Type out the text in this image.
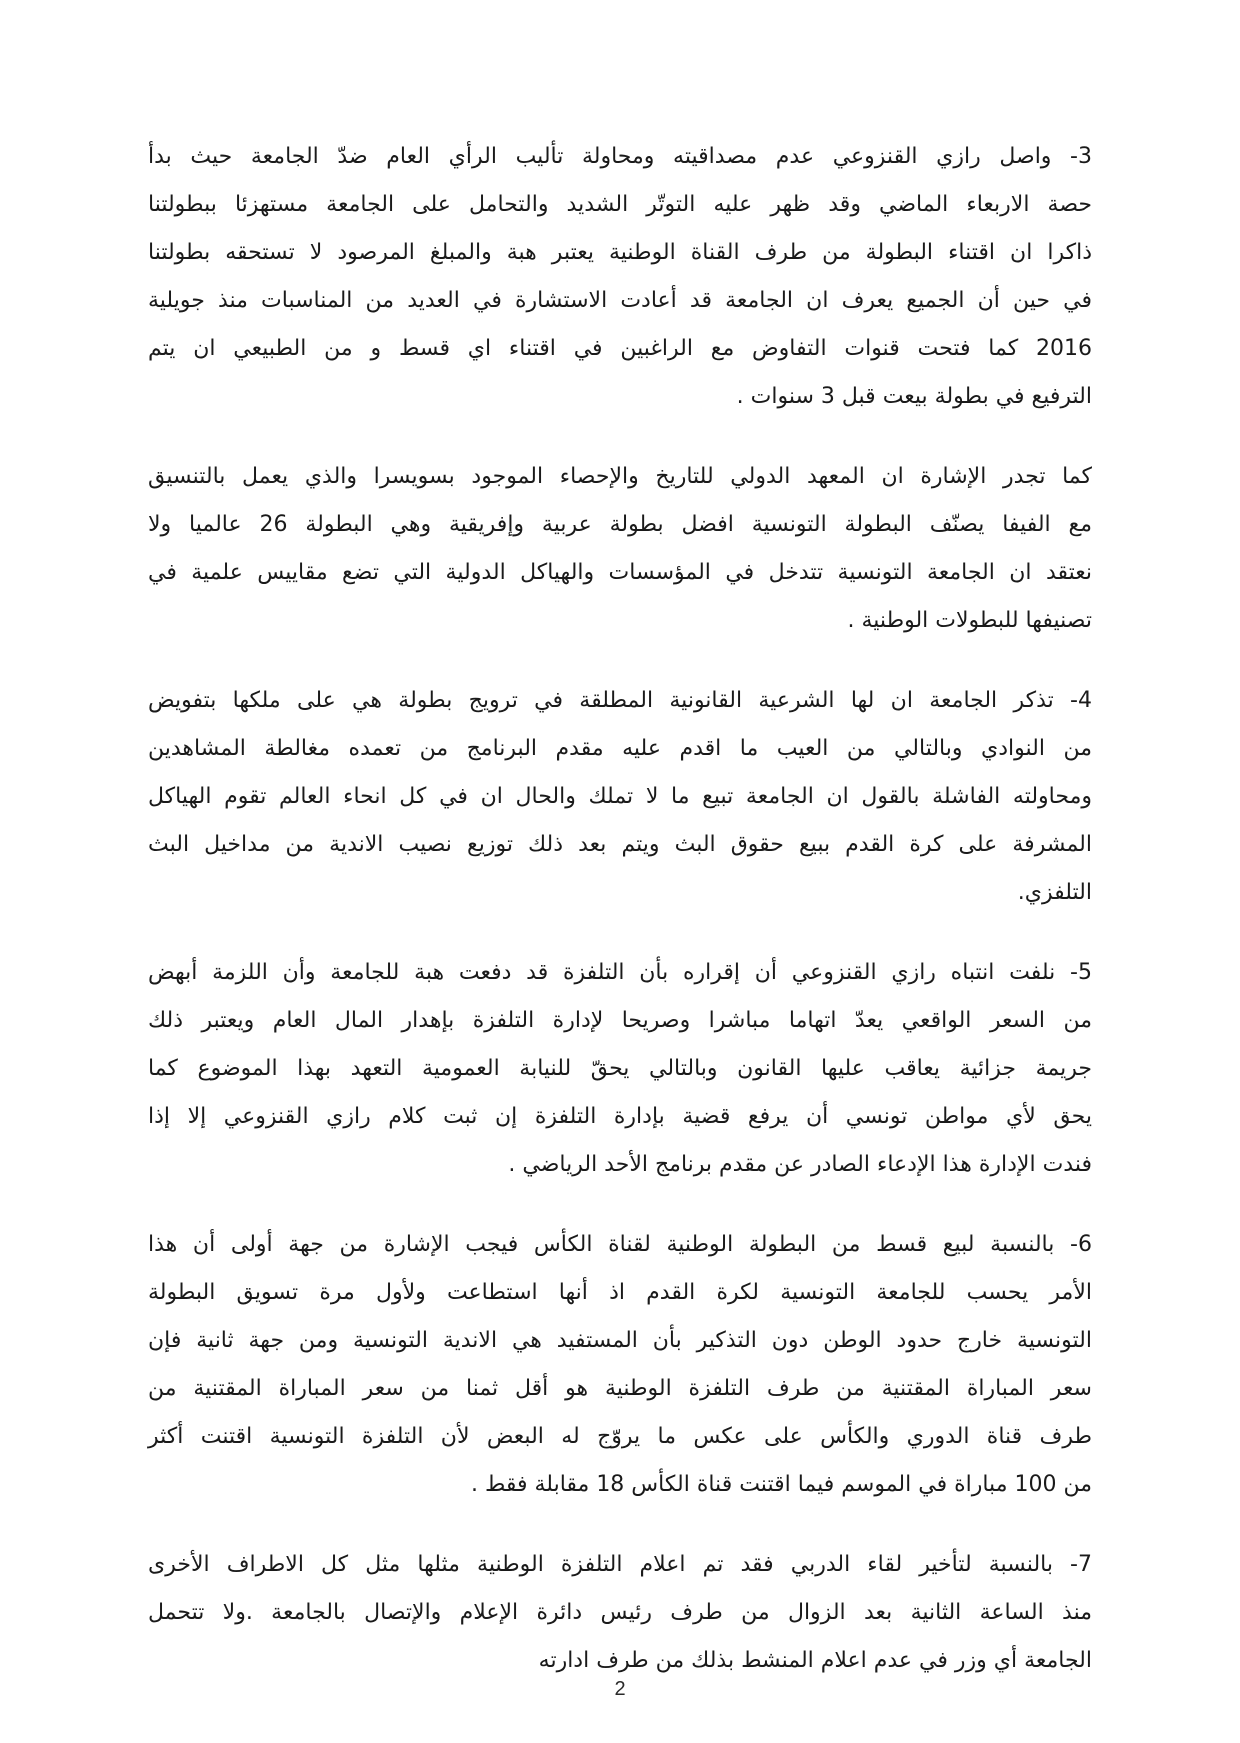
3- واصل رازي القنزوعي عدم مصداقيته ومحاولة تأليب الرأي العام ضدّ الجامعة حيث بدأ
حصة الاربعاء الماضي وقد ظهر عليه التوتّر الشديد والتحامل على الجامعة مستهزئا ببطولتنا
ذاكرا ان اقتناء البطولة من طرف القناة الوطنية يعتبر هبة والمبلغ المرصود لا تستحقه بطولتنا
في حين أن الجميع يعرف ان الجامعة قد أعادت الاستشارة في العديد من المناسبات منذ جويلية
2016 كما فتحت قنوات التفاوض مع الراغبين في اقتناء اي قسط و من الطبيعي ان يتم
الترفيع في بطولة بيعت قبل 3 سنوات .
كما تجدر الإشارة ان المعهد الدولي للتاريخ والإحصاء الموجود بسويسرا والذي يعمل بالتنسيق
مع الفيفا يصنّف البطولة التونسية افضل بطولة عربية وإفريقية وهي البطولة 26 عالميا ولا
نعتقد ان الجامعة التونسية تتدخل في المؤسسات والهياكل الدولية التي تضع مقاييس علمية في
تصنيفها للبطولات الوطنية .
4- تذكر الجامعة ان لها الشرعية القانونية المطلقة في ترويج بطولة هي على ملكها بتفويض
من النوادي وبالتالي من العيب ما اقدم عليه مقدم البرنامج من تعمده مغالطة المشاهدين
ومحاولته الفاشلة بالقول ان الجامعة تبيع ما لا تملك والحال ان في كل انحاء العالم تقوم الهياكل
المشرفة على كرة القدم ببيع حقوق البث ويتم بعد ذلك توزيع نصيب الاندية من مداخيل البث
التلفزي.
5- نلفت انتباه رازي القنزوعي أن إقراره بأن التلفزة قد دفعت هبة للجامعة وأن اللزمة أبهض
من السعر الواقعي يعدّ اتهاما مباشرا وصريحا لإدارة التلفزة بإهدار المال العام ويعتبر ذلك
جريمة جزائية يعاقب عليها القانون وبالتالي يحقّ للنيابة العمومية التعهد بهذا الموضوع كما
يحق لأي مواطن تونسي أن يرفع قضية بإدارة التلفزة إن ثبت كلام رازي القنزوعي إلا إذا
فندت الإدارة هذا الإدعاء الصادر عن مقدم برنامج الأحد الرياضي .
6- بالنسبة لبيع قسط من البطولة الوطنية لقناة الكأس فيجب الإشارة من جهة أولى أن هذا
الأمر يحسب للجامعة التونسية لكرة القدم اذ أنها استطاعت ولأول مرة تسويق البطولة
التونسية خارج حدود الوطن دون التذكير بأن المستفيد هي الاندية التونسية ومن جهة ثانية فإن
سعر المباراة المقتنية من طرف التلفزة الوطنية هو أقل ثمنا من سعر المباراة المقتنية من
طرف قناة الدوري والكأس على عكس ما يروّج له البعض لأن التلفزة التونسية اقتنت أكثر
من 100 مباراة في الموسم فيما اقتنت قناة الكأس 18 مقابلة فقط .
7- بالنسبة لتأخير لقاء الدربي فقد تم اعلام التلفزة الوطنية مثلها مثل كل الاطراف الأخرى
منذ الساعة الثانية بعد الزوال من طرف رئيس دائرة الإعلام والإتصال بالجامعة .ولا تتحمل
الجامعة أي وزر في عدم اعلام المنشط بذلك من طرف ادارته
2
